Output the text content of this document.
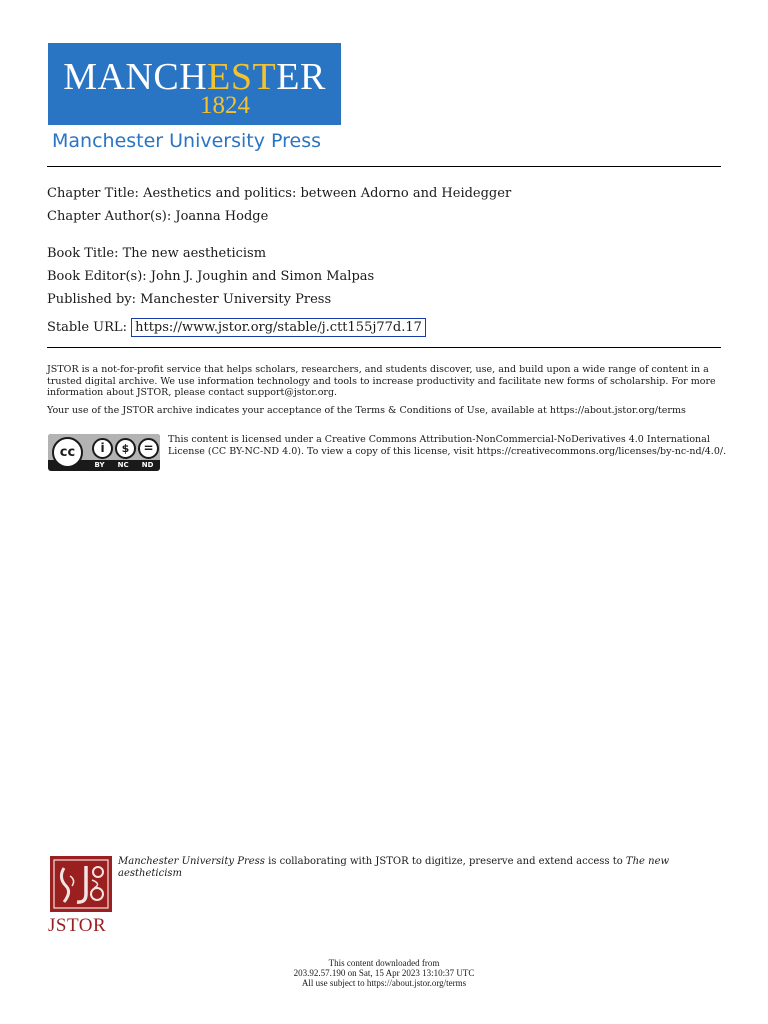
MANCHESTER
1824
Manchester University Press
Chapter Title: Aesthetics and politics: between Adorno and Heidegger
Chapter Author(s): Joanna Hodge
Book Title: The new aestheticism
Book Editor(s): John J. Joughin and Simon Malpas
Published by: Manchester University Press
Stable URL: https://www.jstor.org/stable/j.ctt155j77d.17
JSTOR is a not-for-profit service that helps scholars, researchers, and students discover, use, and build upon a wide range of content in a trusted digital archive. We use information technology and tools to increase productivity and facilitate new forms of scholarship. For more information about JSTOR, please contact support@jstor.org.
Your use of the JSTOR archive indicates your acceptance of the Terms & Conditions of Use, available at https://about.jstor.org/terms
cc	i	$	=
BY NC ND
This content is licensed under a Creative Commons Attribution-NonCommercial-NoDerivatives 4.0 International License (CC BY-NC-ND 4.0). To view a copy of this license, visit https://creativecommons.org/licenses/by-nc-nd/4.0/.
JSTOR
Manchester University Press is collaborating with JSTOR to digitize, preserve and extend access to The new aestheticism
This content downloaded from
203.92.57.190 on Sat, 15 Apr 2023 13:10:37 UTC
All use subject to https://about.jstor.org/terms
